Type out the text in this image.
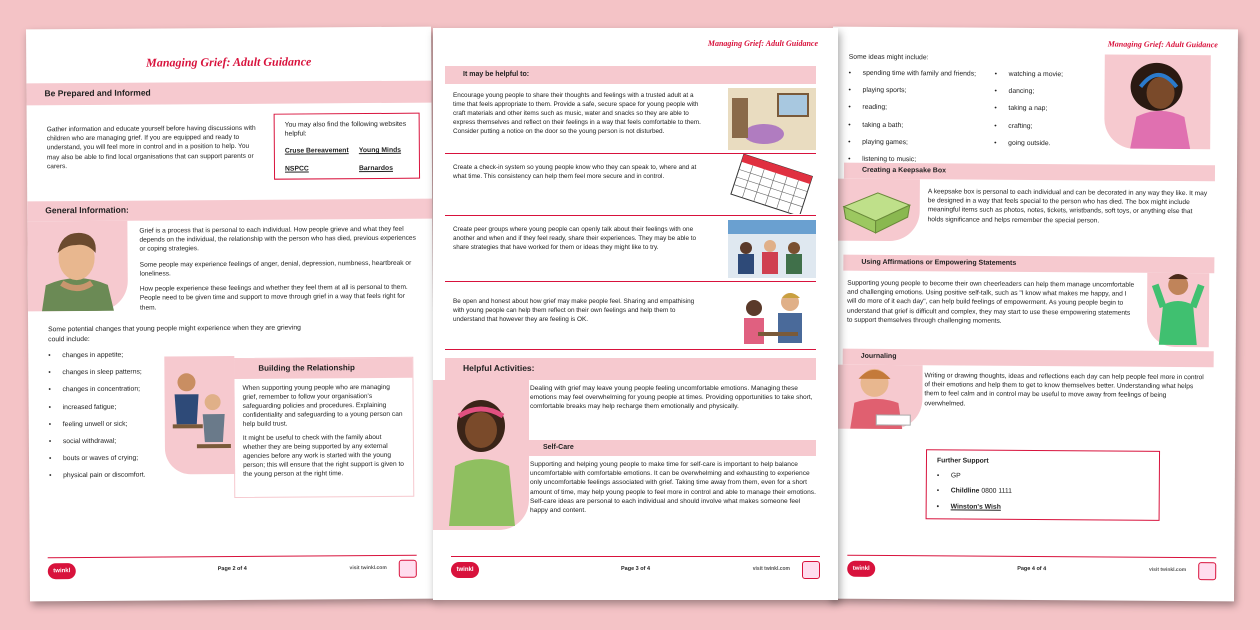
Managing Grief: Adult Guidance
Be Prepared and Informed
Gather information and educate yourself before having discussions with children who are managing grief. If you are equipped and ready to understand, you will feel more in control and in a position to help. You may also be able to find local organisations that can support parents or carers.
You may also find the following websites helpful:
Cruse Bereavement	Young Minds
NSPCC	Barnardos
General Information:

Grief is a process that is personal to each individual. How people grieve and what they feel depends on the individual, the relationship with the person who has died, previous experiences or coping strategies.

Some people may experience feelings of anger, denial, depression, numbness, heartbreak or loneliness.

How people experience these feelings and whether they feel them at all is personal to them. People need to be given time and support to move through grief in a way that feels right for them.

Some potential changes that young people might experience when they are grieving could include:
• changes in appetite;
• changes in sleep patterns;
• changes in concentration;
• increased fatigue;
• feeling unwell or sick;
• social withdrawal;
• bouts or waves of crying;
• physical pain or discomfort.
Building the Relationship

When supporting young people who are managing grief, remember to follow your organisation's safeguarding policies and procedures. Explaining confidentiality and safeguarding to a young person can help build trust.

It might be useful to check with the family about whether they are being supported by any external agencies before any work is started with the young person; this will ensure that the right support is given to the young person at the right time.

twinkl	Page 2 of 4	visit twinkl.com
Managing Grief: Adult Guidance
It may be helpful to:
Encourage young people to share their thoughts and feelings with a trusted adult at a time that feels appropriate to them. Provide a safe, secure space for young people with craft materials and other items such as music, water and snacks so they are able to express themselves and reflect on their feelings in a way that feels comfortable to them. Consider putting a notice on the door so the young person is not disturbed.
Create a check-in system so young people know who they can speak to, where and at what time. This consistency can help them feel more secure and in control.
Create peer groups where young people can openly talk about their feelings with one another and when and if they feel ready, share their experiences. They may be able to share strategies that have worked for them or ideas they might like to try.
Be open and honest about how grief may make people feel. Sharing and empathising with young people can help them reflect on their own feelings and help them to understand that however they are feeling is OK.
Helpful Activities:
Dealing with grief may leave young people feeling uncomfortable emotions. Managing these emotions may feel overwhelming for young people at times. Providing opportunities to take short, comfortable breaks may help recharge them emotionally and physically.
Self-Care
Supporting and helping young people to make time for self-care is important to help balance uncomfortable with comfortable emotions. It can be overwhelming and exhausting to experience only uncomfortable feelings associated with grief. Taking time away from them, even for a short amount of time, may help young people to feel more in control and able to manage their emotions. Self-care ideas are personal to each individual and should involve what makes someone feel happy and content.
twinkl	Page 3 of 4	visit twinkl.com
Managing Grief: Adult Guidance
Some ideas might include:
• spending time with family and friends;
• playing sports;
• reading;
• taking a bath;
• playing games;
• listening to music;
• watching a movie;
• dancing;
• taking a nap;
• crafting;
• going outside.
Creating a Keepsake Box
A keepsake box is personal to each individual and can be decorated in any way they like. It may be designed in a way that feels special to the person who has died. The box might include meaningful items such as photos, notes, tickets, wristbands, soft toys, or anything else that holds significance and helps remember the special person.
Using Affirmations or Empowering Statements
Supporting young people to become their own cheerleaders can help them manage uncomfortable and challenging emotions. Using positive self-talk, such as "I know what makes me happy, and I will do more of it each day", can help build feelings of empowerment. As young people begin to understand that grief is difficult and complex, they may start to use these empowering statements to support themselves through challenging moments.
Journaling
Writing or drawing thoughts, ideas and reflections each day can help people feel more in control of their emotions and help them to get to know themselves better. Understanding what helps them to feel calm and in control may be useful to move away from feelings of being overwhelmed.
Further Support
• GP
• Childline 0800 1111
• Winston's Wish
twinkl	Page 4 of 4	visit twinkl.com
